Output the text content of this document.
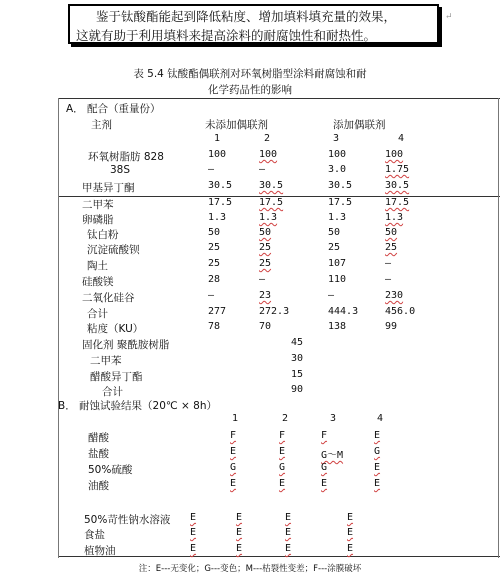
鉴于钛酸酯能起到降低粘度、增加填料填充量的效果，
这就有助于利用填料来提高涂料的耐腐蚀性和耐热性。
↵
表 5.4 钛酸酯偶联剂对环氧树脂型涂料耐腐蚀和耐
化学药品性的影响
A． 配合（重量份）
主剂	未添加偶联剂	添加偶联剂
1	2	3	4
环氧树脂肪 828	100	100	100	100
38S	—	—	3.0	1.75
甲基异丁酮	30.5	30.5	30.5	30.5
二甲苯	17.5	17.5	17.5	17.5
卵磷脂	1.3	1.3	1.3	1.3
钛白粉	50	50	50	50
沉淀硫酸钡	25	25	25	25
陶土	25	25	107	—
硅酸镁	28	—	110	—
二氧化硅谷	—	23	—	230
合计	277	272.3	444.3	456.0
粘度（KU）	78	70	138	99
固化剂 聚酰胺树脂	45
二甲苯	30
醋酸异丁酯	15
合计	90
B． 耐蚀试验结果（20℃ × 8h）
1	2	3	4
醋酸	F	F	F	E
盐酸	E	E	G～M	G
50%硫酸	G	G	G	E
油酸	E	E	E	E
50%苛性钠水溶液 E	E	E	E
食盐	E	E	E	E
植物油	E	E	E	E
注：E---无变化；G---变色；M---枯裂性变差；F---涂膜破坏
